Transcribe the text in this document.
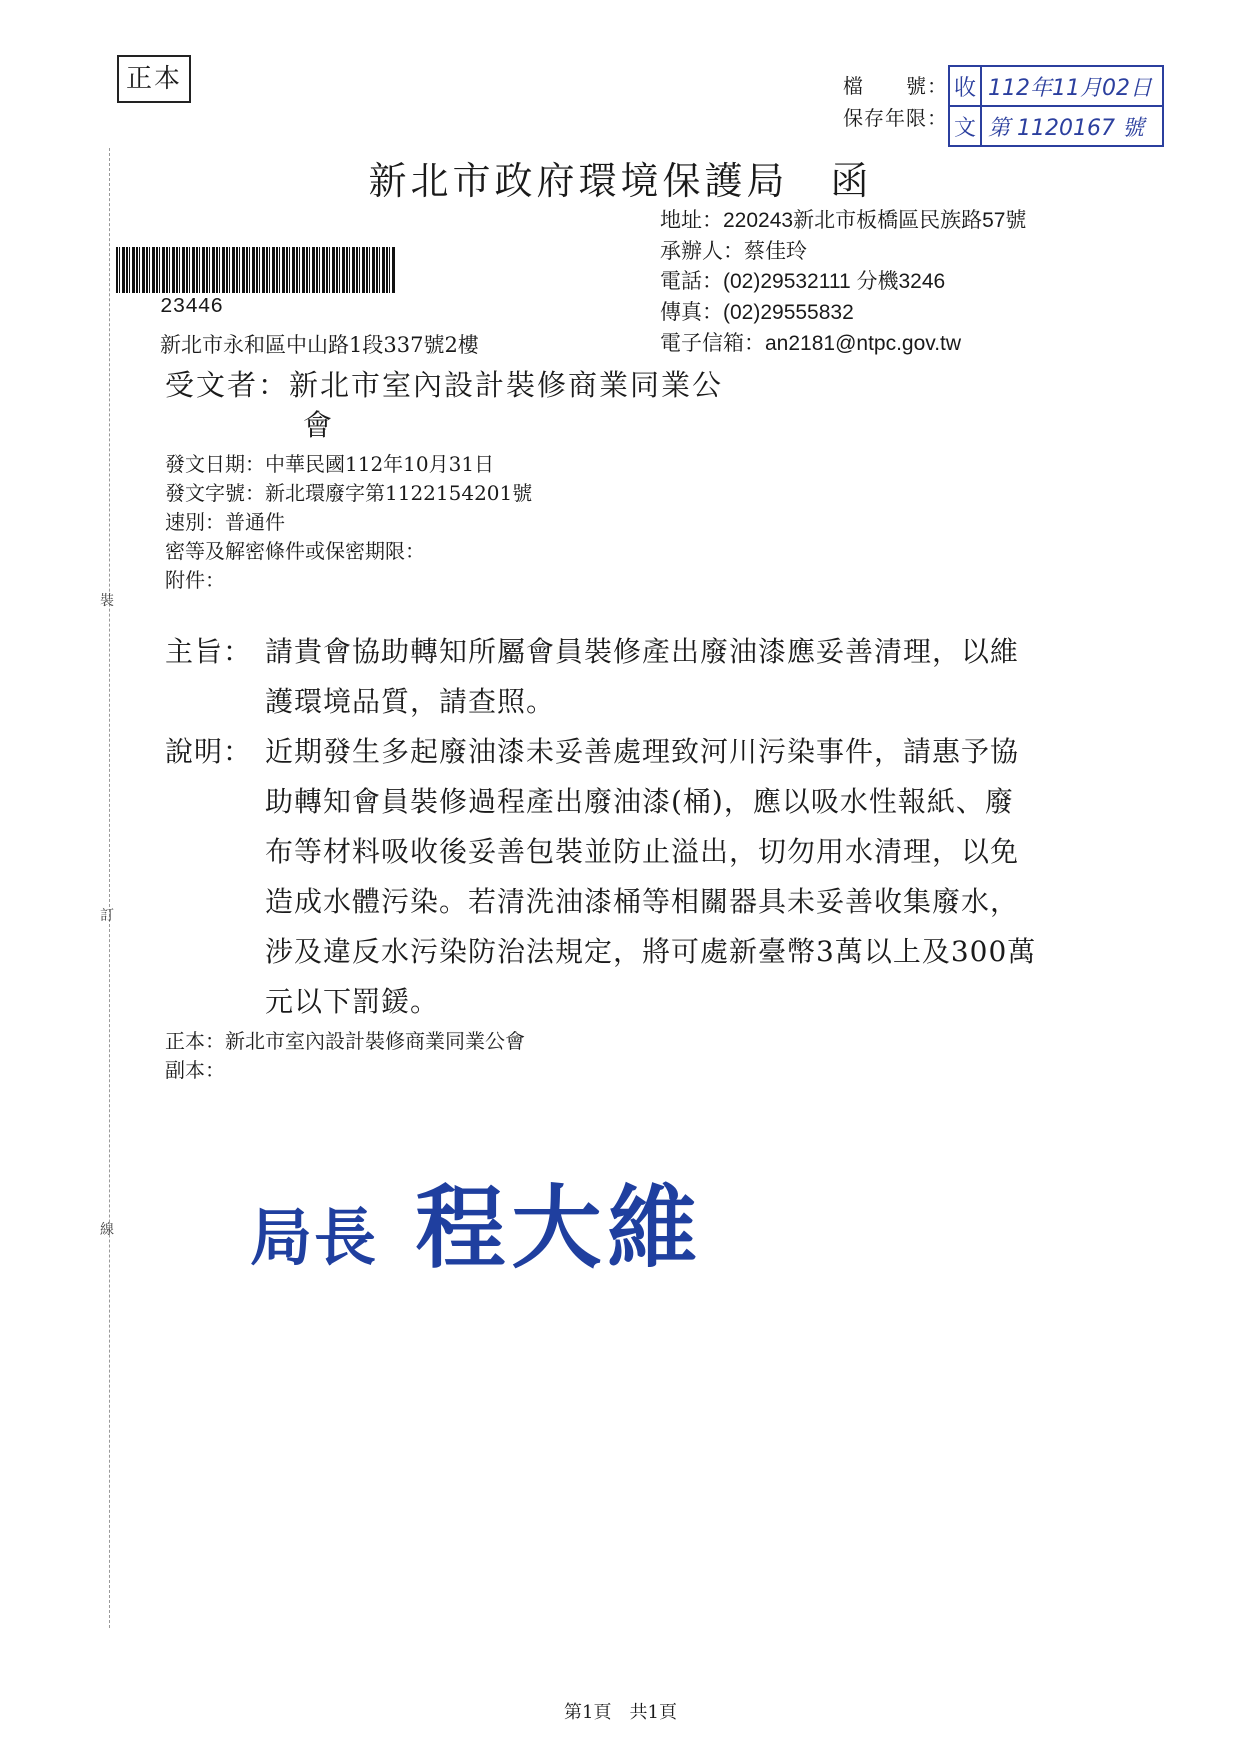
正本	檔　　號：
保存年限：
收
文
112年11月02日
第 1120167 號
裝
訂
線
新北市政府環境保護局　函
地址：220243新北市板橋區民族路57號
承辦人：蔡佳玲
電話：(02)29532111 分機3246
傳真：(02)29555832
電子信箱：an2181@ntpc.gov.tw
23446
新北市永和區中山路1段337號2樓
受文者：新北市室內設計裝修商業同業公
會
發文日期：中華民國112年10月31日
發文字號：新北環廢字第1122154201號
速別：普通件
密等及解密條件或保密期限：
附件：
主旨： 請貴會協助轉知所屬會員裝修產出廢油漆應妥善清理，以維
護環境品質，請查照。
說明： 近期發生多起廢油漆未妥善處理致河川污染事件，請惠予協
助轉知會員裝修過程產出廢油漆(桶)，應以吸水性報紙、廢
布等材料吸收後妥善包裝並防止溢出，切勿用水清理，以免
造成水體污染。若清洗油漆桶等相關器具未妥善收集廢水，
涉及違反水污染防治法規定，將可處新臺幣3萬以上及300萬
元以下罰鍰。
正本：新北市室內設計裝修商業同業公會
副本：
局長 程大維
第1頁　共1頁
